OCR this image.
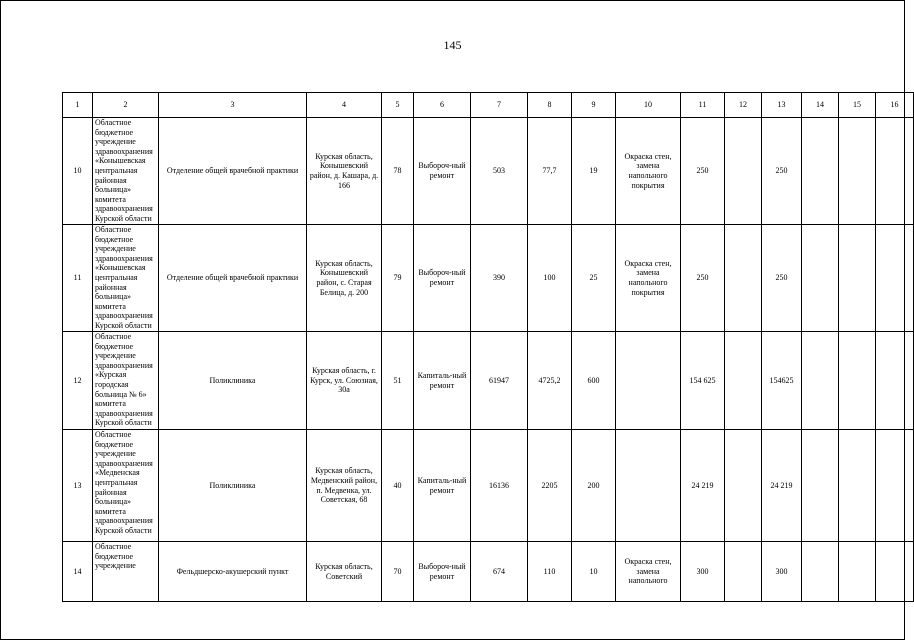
145
1	2	3	4	5	6	7	8	9	10	11	12	13	14	15	16
10	Областное бюджетное учреждение здравоохранения «Конышевская центральная районная больница» комитета здравоохранения Курской области	Отделение общей врачебной практики	Курская область, Конышевский район, д. Кашара, д. 166	78	Выбороч-ный ремонт	503	77,7	19	Окраска стен, замена напольного покрытия	250		250			
11	Областное бюджетное учреждение здравоохранения «Конышевская центральная районная больница» комитета здравоохранения Курской области	Отделение общей врачебной практики	Курская область, Конышевский район, с. Старая Белица, д. 200	79	Выбороч-ный ремонт	390	100	25	Окраска стен, замена напольного покрытия	250		250			
12	Областное бюджетное учреждение здравоохранения «Курская городская больница № 6» комитета здравоохранения Курской области	Поликлиника	Курская область, г. Курск, ул. Союзная, 30а	51	Капиталь-ный ремонт	61947	4725,2	600		154 625		154625			
13	Областное бюджетное учреждение здравоохранения «Медвенская центральная районная больница» комитета здравоохранения Курской области	Поликлиника	Курская область, Медвенский район, п. Медвенка, ул. Советская, 68	40	Капиталь-ный ремонт	16136	2205	200		24 219		24 219			
14	Областное бюджетное учреждение	Фельдшерско-акушерский пункт	Курская область, Советский	70	Выбороч-ный ремонт	674	110	10	Окраска стен, замена напольного	300		300			
